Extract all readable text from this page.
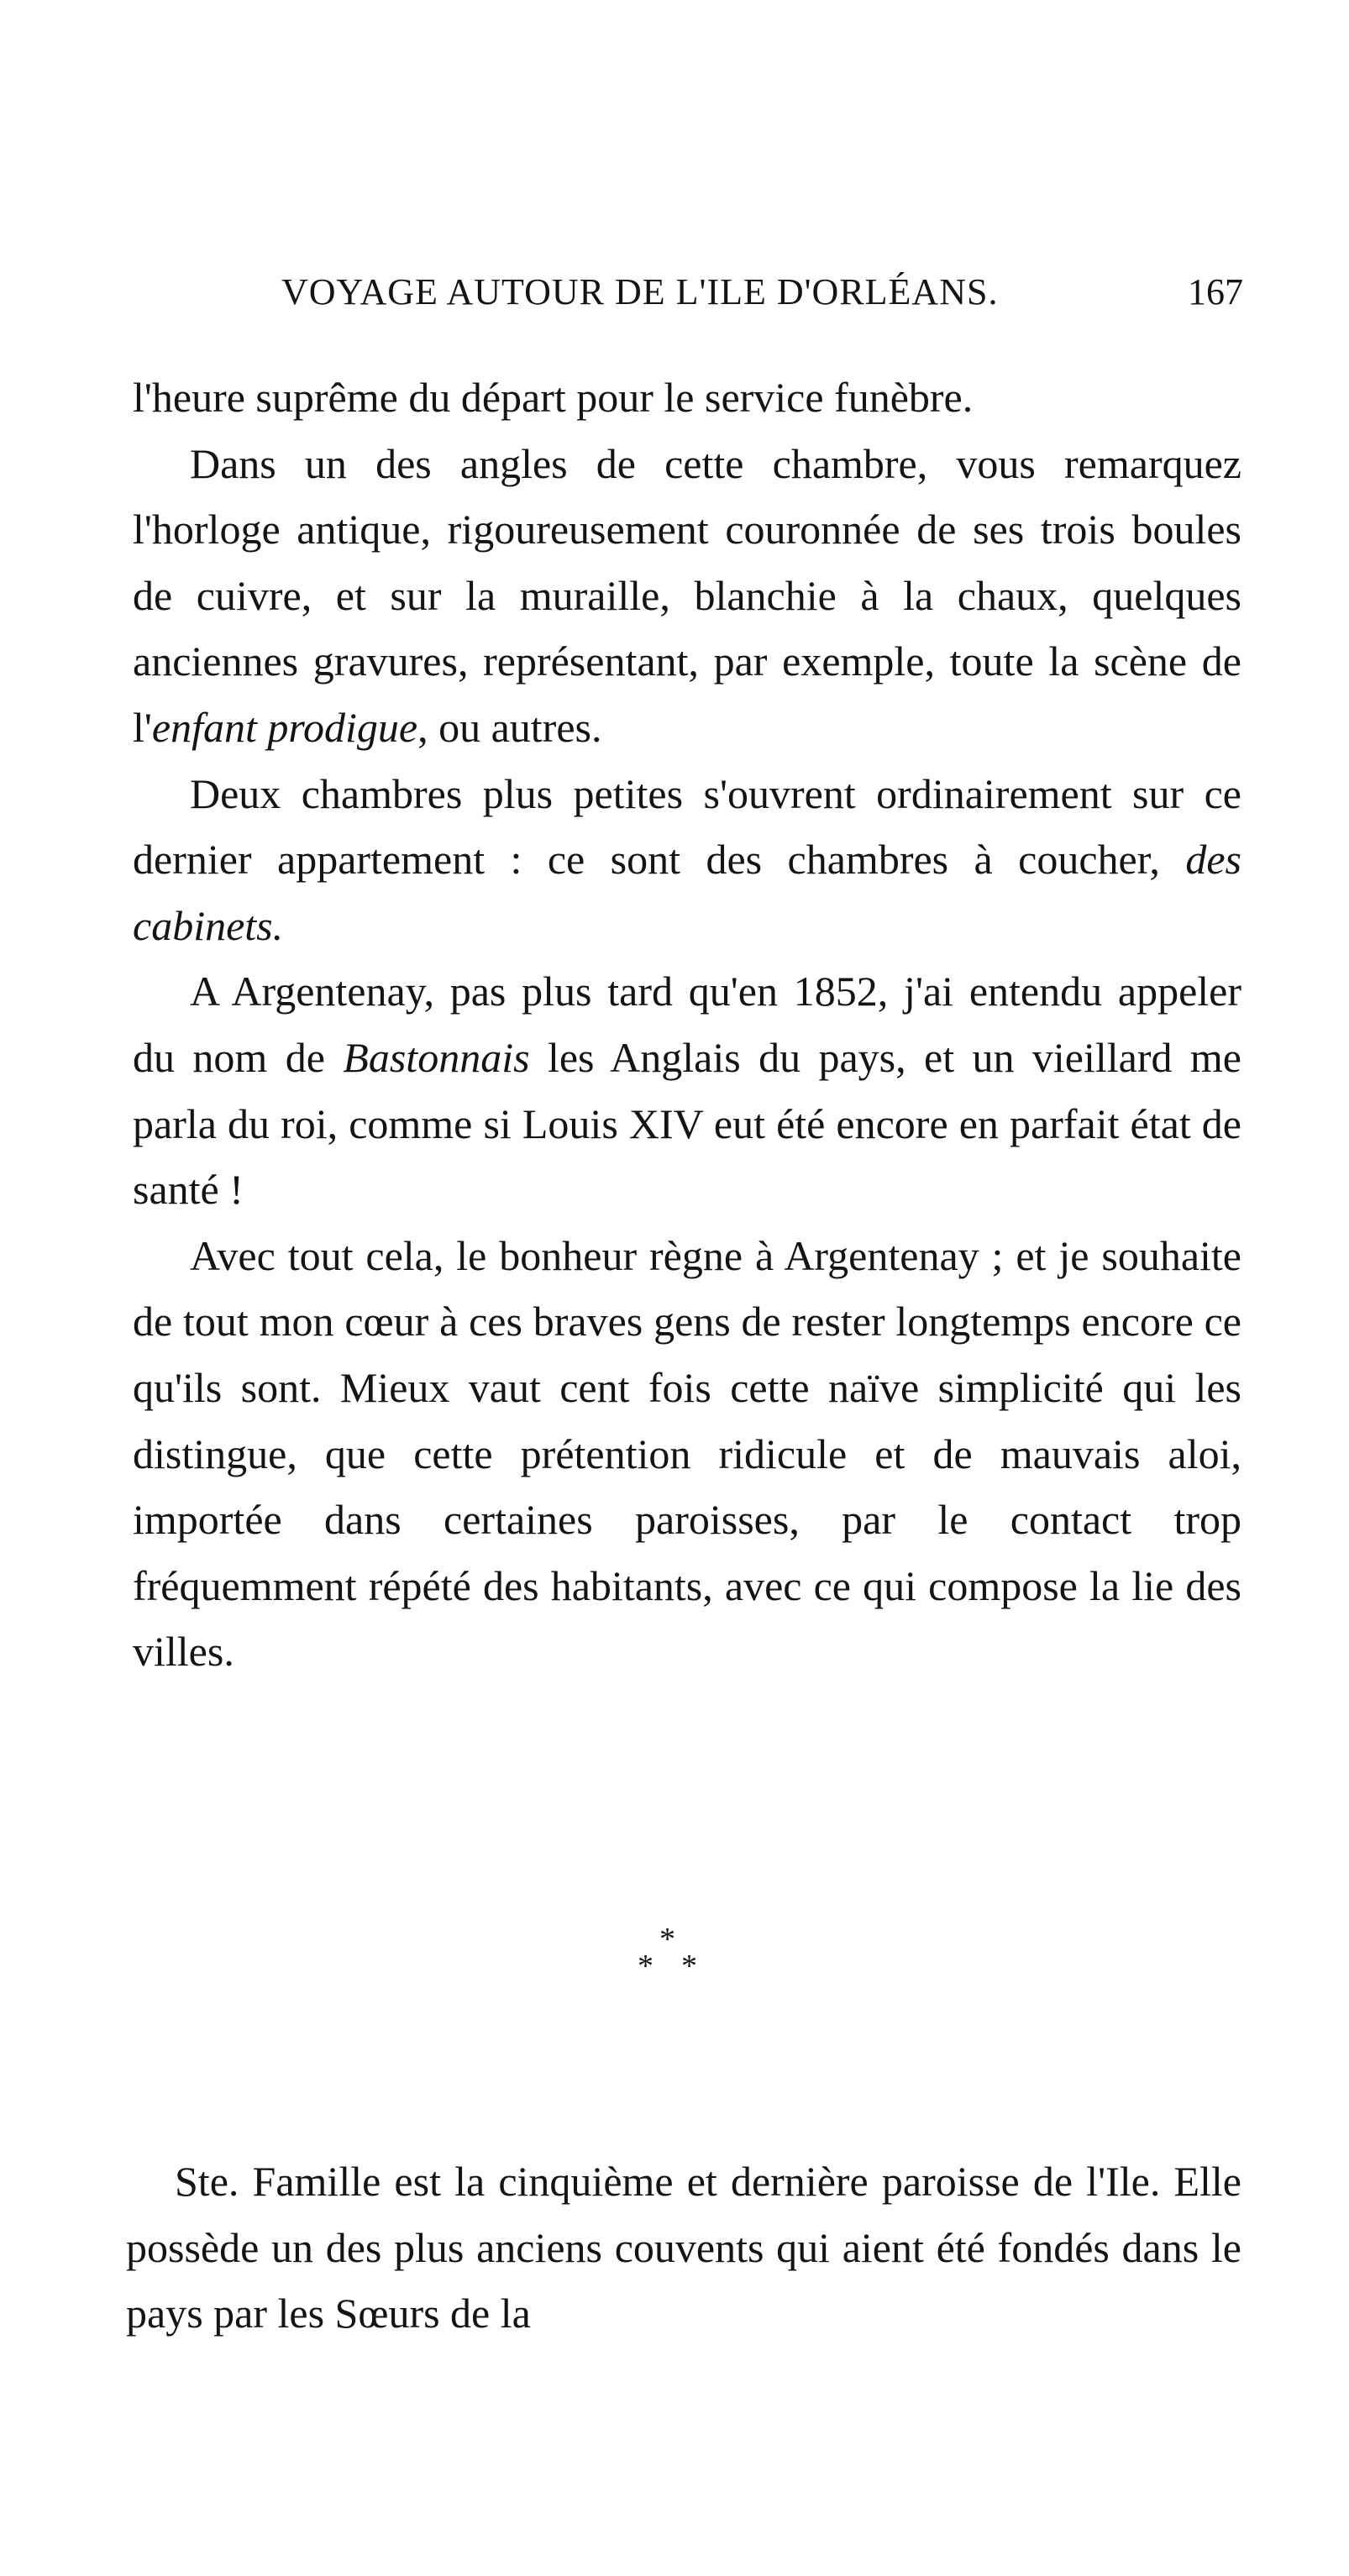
VOYAGE AUTOUR DE L'ILE D'ORLÉANS.	167

l'heure suprême du départ pour le service funèbre.

Dans un des angles de cette chambre, vous remarquez l'horloge antique, rigoureusement couronnée de ses trois boules de cuivre, et sur la muraille, blanchie à la chaux, quelques anciennes gravures, représentant, par exemple, toute la scène de l'enfant prodigue, ou autres.

Deux chambres plus petites s'ouvrent ordinairement sur ce dernier appartement : ce sont des chambres à coucher, des cabinets.

A Argentenay, pas plus tard qu'en 1852, j'ai entendu appeler du nom de Bastonnais les Anglais du pays, et un vieillard me parla du roi, comme si Louis XIV eut été encore en parfait état de santé !

Avec tout cela, le bonheur règne à Argentenay ; et je souhaite de tout mon cœur à ces braves gens de rester longtemps encore ce qu'ils sont. Mieux vaut cent fois cette naïve simplicité qui les distingue, que cette prétention ridicule et de mauvais aloi, importée dans certaines paroisses, par le contact trop fréquemment répété des habitants, avec ce qui compose la lie des villes.

*
* *

Ste. Famille est la cinquième et dernière paroisse de l'Ile. Elle possède un des plus anciens couvents qui aient été fondés dans le pays par les Sœurs de la
